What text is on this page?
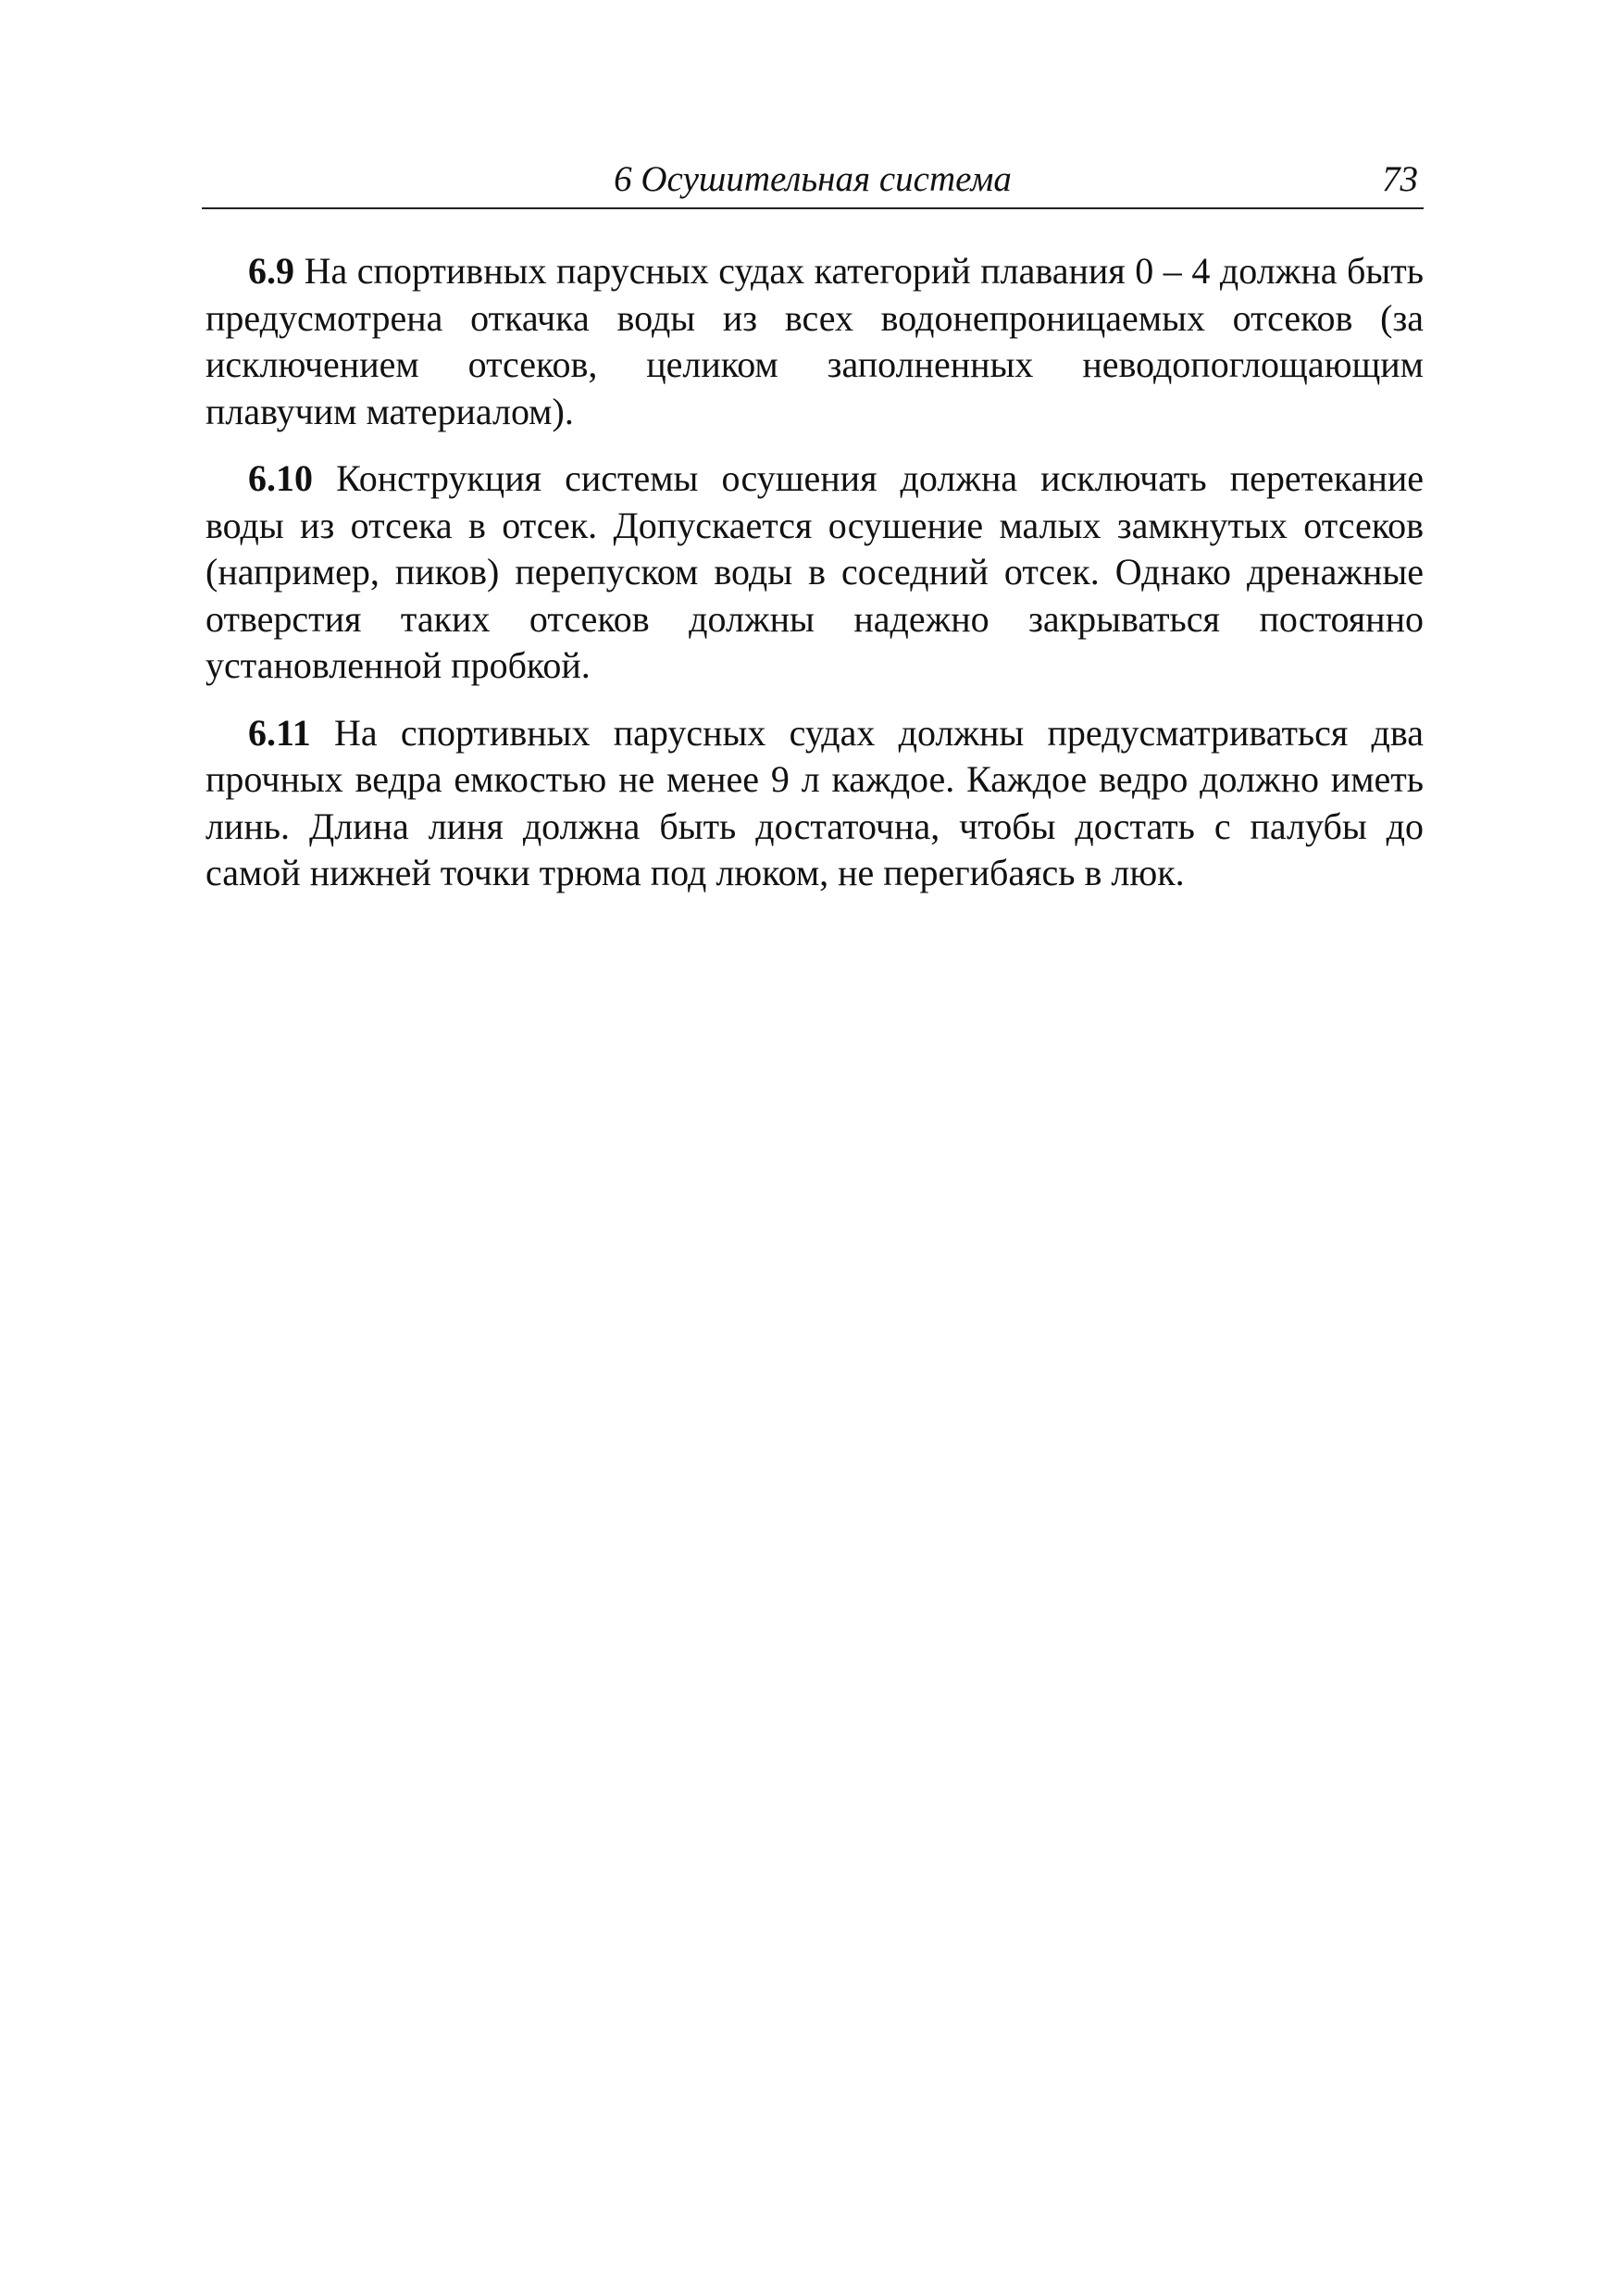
6 Осушительная система	73

6.9 На спортивных парусных судах категорий плавания 0 – 4 должна быть предусмотрена откачка воды из всех водонепроницаемых отсеков (за исключением отсеков, целиком заполненных неводопоглощающим плавучим материалом).

6.10 Конструкция системы осушения должна исключать перетекание воды из отсека в отсек. Допускается осушение малых замкнутых отсеков (например, пиков) перепуском воды в соседний отсек. Однако дренажные отверстия таких отсеков должны надежно закрываться постоянно установленной пробкой.

6.11 На спортивных парусных судах должны предусматриваться два прочных ведра емкостью не менее 9 л каждое. Каждое ведро должно иметь линь. Длина линя должна быть достаточна, чтобы достать с палубы до самой нижней точки трюма под люком, не перегибаясь в люк.
